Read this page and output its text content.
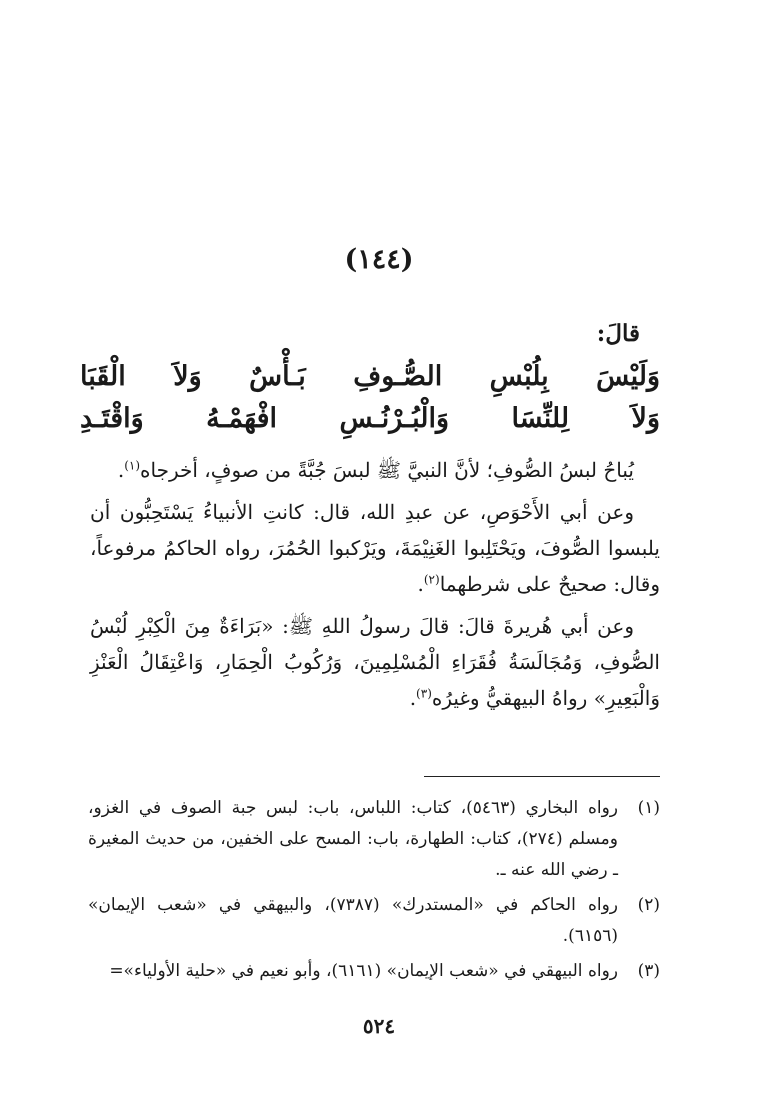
(١٤٤)
قالَ:
وَلَيْسَ بِلُبْسِ الصُّـوفِ بَـأْسٌ وَلاَ الْقَبَا
وَلاَ لِلنِّسَا وَالْبُـرْنُـسِ افْهَمْـهُ وَاقْتَـدِ

يُباحُ لبسُ الصُّوفِ؛ لأنَّ النبيَّ ﷺ لبسَ جُبَّةً من صوفٍ، أخرجاه$^{(١)}$.

وعن أبي الأَحْوَصِ، عن عبدِ الله، قال: كانتِ الأنبياءُ يَسْتَحِبُّون أن يلبسوا الصُّوفَ، ويَحْتَلِبوا الغَنِيْمَةَ، ويَرْكبوا الحُمُرَ، رواه الحاكمُ مرفوعاً، وقال: صحيحٌ على شرطهما$^{(٢)}$.

وعن أبي هُريرةَ قالَ: قالَ رسولُ اللهِ ﷺ: «بَرَاءَةٌ مِنَ الْكِبْرِ لُبْسُ الصُّوفِ، وَمُجَالَسَةُ فُقَرَاءِ الْمُسْلِمِينَ، وَرُكُوبُ الْحِمَارِ، وَاعْتِقَالُ الْعَنْزِ وَالْبَعِيرِ» رواهُ البيهقيُّ وغيرُه$^{(٣)}$.

(١)
رواه البخاري (٥٤٦٣)، كتاب: اللباس، باب: لبس جبة الصوف في الغزو، ومسلم (٢٧٤)، كتاب: الطهارة، باب: المسح على الخفين، من حديث المغيرة ـ رضي الله عنه ـ.
(٢)
رواه الحاكم في «المستدرك» (٧٣٨٧)، والبيهقي في «شعب الإيمان» (٦١٥٦).
(٣)
رواه البيهقي في «شعب الإيمان» (٦١٦١)، وأبو نعيم في «حلية الأولياء»=
٥٢٤
